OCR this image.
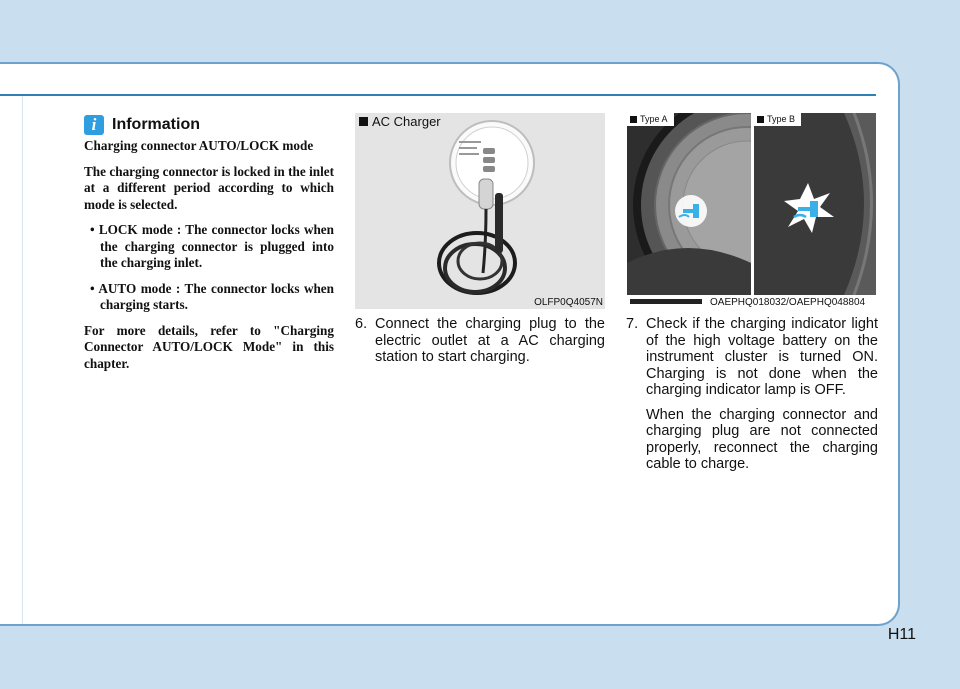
i Information

Charging connector AUTO/LOCK mode

The charging connector is locked in the inlet at a different period according to which mode is selected.

• LOCK mode : The connector locks when the charging connector is plugged into the charging inlet.

• AUTO mode : The connector locks when charging starts.

For more details, refer to "Charging Connector AUTO/LOCK Mode" in this chapter.

AC Charger
OLFP0Q4057N
Type A	Type B
OAEPHQ018032/OAEPHQ048804
6. Connect the charging plug to the electric outlet at a AC charging station to start charging.

7. Check if the charging indicator light of the high voltage battery on the instrument cluster is turned ON. Charging is not done when the charging indicator lamp is OFF.

When the charging connector and charging plug are not connected properly, reconnect the charging cable to charge.

H11
